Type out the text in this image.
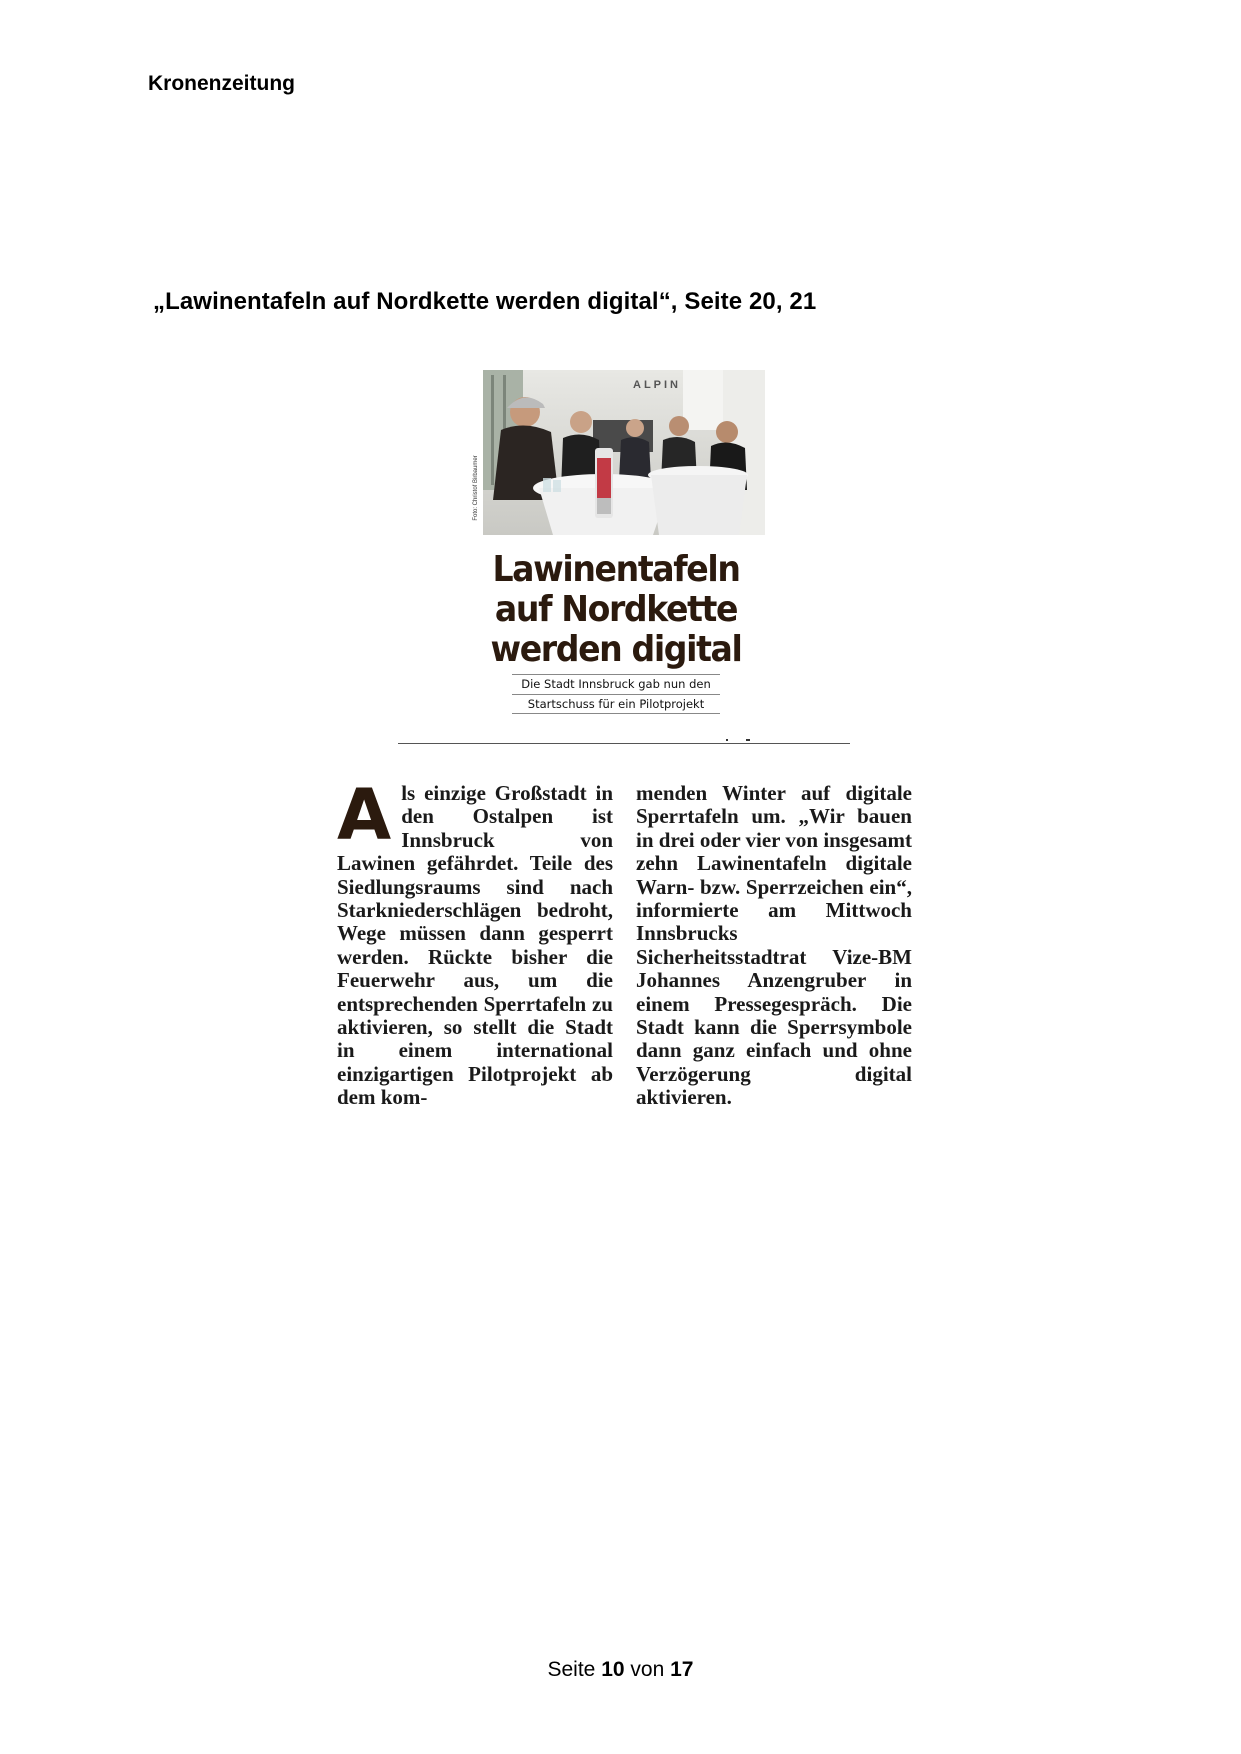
Kronenzeitung
„Lawinentafeln auf Nordkette werden digital“, Seite 20, 21
ALPIN
Foto: Christof Birbaumer
Lawinentafeln
auf Nordkette
werden digital
Die Stadt Innsbruck gab nun den
Startschuss für ein Pilotprojekt
Als einzige Großstadt in den Ostalpen ist Innsbruck von Lawinen gefährdet. Teile des Siedlungsraums sind nach Starkniederschlägen bedroht, Wege müssen dann gesperrt werden. Rückte bisher die Feuerwehr aus, um die entsprechenden Sperrtafeln zu aktivieren, so stellt die Stadt in einem international einzigartigen Pilotprojekt ab dem kom-
menden Winter auf digitale Sperrtafeln um. „Wir bauen in drei oder vier von insgesamt zehn Lawinentafeln digitale Warn- bzw. Sperrzeichen ein“, informierte am Mittwoch Innsbrucks Sicherheitsstadtrat Vize-BM Johannes Anzengruber in einem Pressegespräch. Die Stadt kann die Sperrsymbole dann ganz einfach und ohne Verzögerung digital aktivieren.
Seite 10 von 17
